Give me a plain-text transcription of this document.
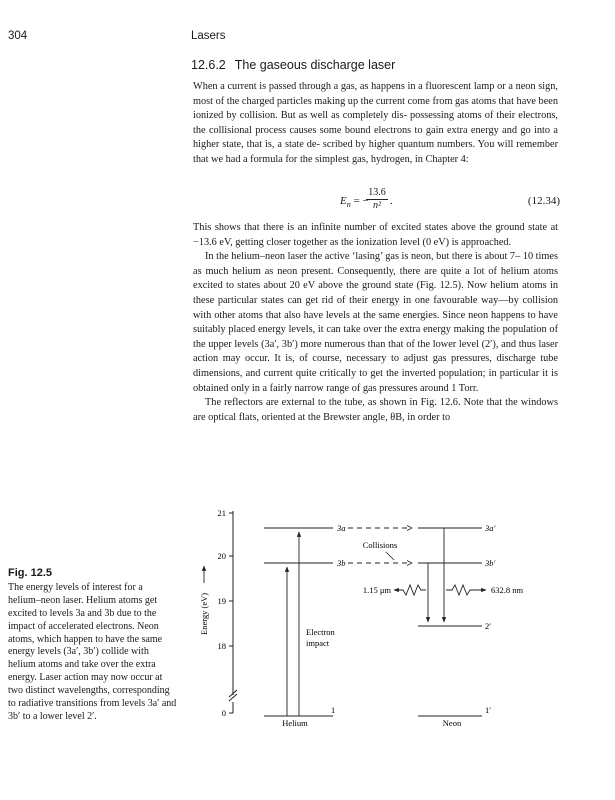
304	Lasers
12.6.2 The gaseous discharge laser

When a current is passed through a gas, as happens in a fluorescent lamp or a neon sign, most of the charged particles making up the current come from gas atoms that have been ionized by collision. But as well as completely dis- possessing atoms of their electrons, the collisional process causes some bound electrons to gain extra energy and go into a higher state, that is, a state de- scribed by higher quantum numbers. You will remember that we had a formula for the simplest gas, hydrogen, in Chapter 4:

$E_n$ = −
$\frac{13.6}{\text{n²}}$ .	(12.34)

This shows that there is an infinite number of excited states above the ground state at −13.6 eV, getting closer together as the ionization level (0 eV) is approached.

In the helium–neon laser the active ‘lasing’ gas is neon, but there is about 7– 10 times as much helium as neon present. Consequently, there are quite a lot of helium atoms excited to states about 20 eV above the ground state (Fig. 12.5). Now helium atoms in these particular states can get rid of their energy in one favourable way—by collision with other atoms that also have levels at the same energies. Since neon happens to have suitably placed energy levels, it can take over the extra energy making the population of the upper levels (3a′, 3b′) more numerous than that of the lower level (2′), and thus laser action may occur. It is, of course, necessary to adjust gas pressures, discharge tube dimensions, and current quite critically to get the inverted population; in particular it is obtained only in a fairly narrow range of gas pressures around 1 Torr.

The reflectors are external to the tube, as shown in Fig. 12.6. Note that the windows are optical flats, oriented at the Brewster angle, θB, in order to

Fig. 12.5
The energy levels of interest for a helium–neon laser. Helium atoms get excited to levels 3a and 3b due to the impact of accelerated electrons. Neon atoms, which happen to have the same energy levels (3a′, 3b′) collide with helium atoms and take over the extra energy. Laser action may now occur at two distinct wavelengths, corresponding to radiative transitions from levels 3a′ and 3b′ to a lower level 2′.
21
20
19
18
0
Energy (eV)
3a
3b
1
Electron
impact
Collisions
3a′
3b′
2′
1′
1.15 μm	632.8 nm
Helium	Neon
